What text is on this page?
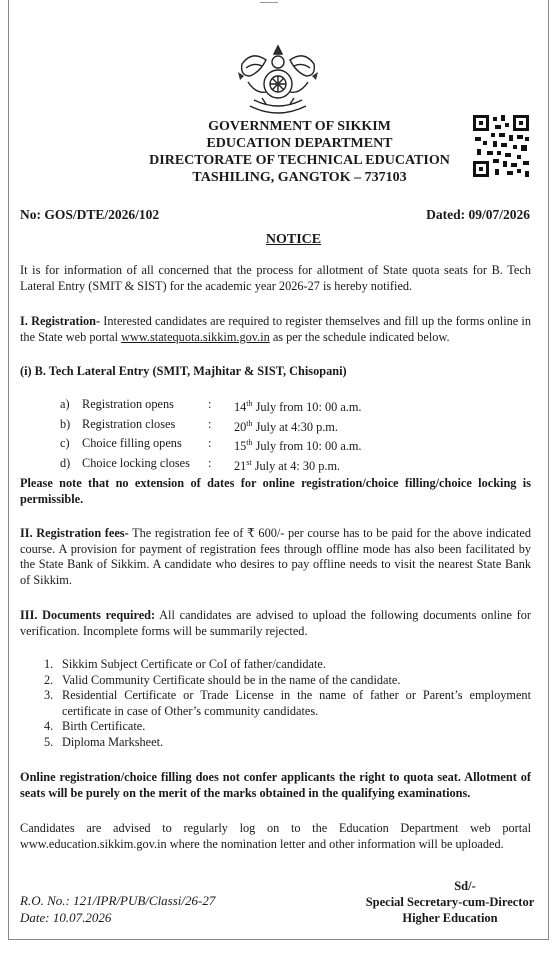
GOVERNMENT OF SIKKIM
EDUCATION DEPARTMENT
DIRECTORATE OF TECHNICAL EDUCATION
TASHILING, GANGTOK – 737103
No: GOS/DTE/2026/102	Dated: 09/07/2026
NOTICE
It is for information of all concerned that the process for allotment of State quota seats for B. Tech Lateral Entry (SMIT & SIST) for the academic year 2026-27 is hereby notified.
I. Registration- Interested candidates are required to register themselves and fill up the forms online in the State web portal www.statequota.sikkim.gov.in as per the schedule indicated below.
(i) B. Tech Lateral Entry (SMIT, Majhitar & SIST, Chisopani)
a)	Registration opens	:	14th July from 10: 00 a.m.
b) Registration closes	:	20th July at 4:30 p.m.
c)	Choice filling opens	:	15th July from 10: 00 a.m.
d) Choice locking closes	:	21st July at 4: 30 p.m.
Please note that no extension of dates for online registration/choice filling/choice locking is permissible.
II. Registration fees- The registration fee of ₹ 600/- per course has to be paid for the above indicated course. A provision for payment of registration fees through offline mode has also been facilitated by the State Bank of Sikkim. A candidate who desires to pay offline needs to visit the nearest State Bank of Sikkim.
III. Documents required: All candidates are advised to upload the following documents online for verification. Incomplete forms will be summarily rejected.
1. Sikkim Subject Certificate or CoI of father/candidate.
2. Valid Community Certificate should be in the name of the candidate.
3. Residential Certificate or Trade License in the name of father or Parent’s employment certificate in case of Other’s community candidates.
4. Birth Certificate.
5. Diploma Marksheet.
Online registration/choice filling does not confer applicants the right to quota seat. Allotment of seats will be purely on the merit of the marks obtained in the qualifying examinations.
Candidates are advised to regularly log on to the Education Department web portal www.education.sikkim.gov.in where the nomination letter and other information will be uploaded.
R.O. No.: 121/IPR/PUB/Classi/26-27
Date: 10.07.2026
Sd/-
Special Secretary-cum-Director
Higher Education
